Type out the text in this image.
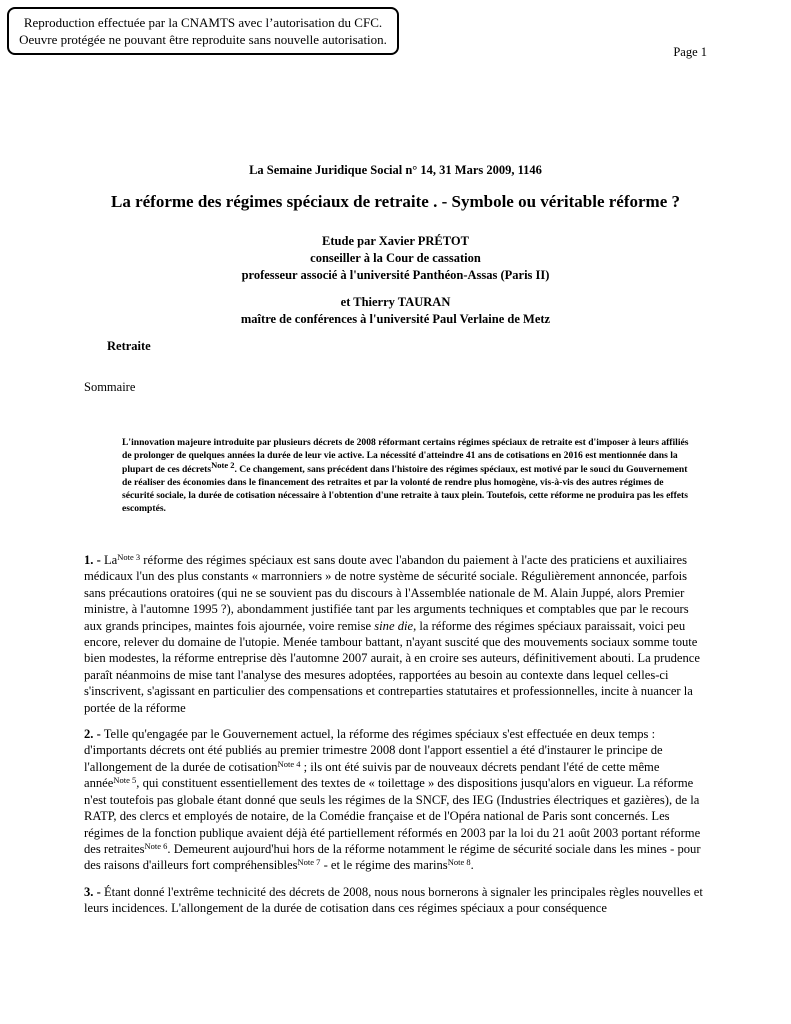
Reproduction effectuée par la CNAMTS avec l’autorisation du CFC.
Oeuvre protégée ne pouvant être reproduite sans nouvelle autorisation.
Page 1
La Semaine Juridique Social n° 14, 31 Mars 2009, 1146
La réforme des régimes spéciaux de retraite . - Symbole ou véritable réforme ?
Etude par Xavier PRÉTOT
conseiller à la Cour de cassation
professeur associé à l'université Panthéon-Assas (Paris II)
et Thierry TAURAN
maître de conférences à l'université Paul Verlaine de Metz
Retraite
Sommaire
L'innovation majeure introduite par plusieurs décrets de 2008 réformant certains régimes spéciaux de retraite est d'imposer à leurs affiliés de prolonger de quelques années la durée de leur vie active. La nécessité d'atteindre 41 ans de cotisations en 2016 est mentionnée dans la plupart de ces décrets$^{Note 2}$. Ce changement, sans précédent dans l'histoire des régimes spéciaux, est motivé par le souci du Gouvernement de réaliser des économies dans le financement des retraites et par la volonté de rendre plus homogène, vis-à-vis des autres régimes de sécurité sociale, la durée de cotisation nécessaire à l'obtention d'une retraite à taux plein. Toutefois, cette réforme ne produira pas les effets escomptés.

1. - $La^{Note 3}$ réforme des régimes spéciaux est sans doute avec l'abandon du paiement à l'acte des praticiens et auxiliaires médicaux l'un des plus constants « marronniers » de notre système de sécurité sociale. Régulièrement annoncée, parfois sans précautions oratoires (qui ne se souvient pas du discours à l'Assemblée nationale de M. Alain Juppé, alors Premier ministre, à l'automne 1995 ?), abondamment justifiée tant par les arguments techniques et comptables que par le recours aux grands principes, maintes fois ajournée, voire remise sine die, la réforme des régimes spéciaux paraissait, voici peu encore, relever du domaine de l'utopie. Menée tambour battant, n'ayant suscité que des mouvements sociaux somme toute bien modestes, la réforme entreprise dès l'automne 2007 aurait, à en croire ses auteurs, définitivement abouti. La prudence paraît néanmoins de mise tant l'analyse des mesures adoptées, rapportées au besoin au contexte dans lequel celles-ci s'inscrivent, s'agissant en particulier des compensations et contreparties statutaires et professionnelles, incite à nuancer la portée de la réforme

2. - Telle qu'engagée par le Gouvernement actuel, la réforme des régimes spéciaux s'est effectuée en deux temps : d'importants décrets ont été publiés au premier trimestre 2008 dont l'apport essentiel a été d'instaurer le principe de l'allongement de la durée de cotisation$^{Note 4}$ ; ils ont été suivis par de nouveaux décrets pendant l'été de cette même année$^{Note 5}$, qui constituent essentiellement des textes de « toilettage » des dispositions jusqu'alors en vigueur. La réforme n'est toutefois pas globale étant donné que seuls les régimes de la SNCF, des IEG (Industries électriques et gazières), de la RATP, des clercs et employés de notaire, de la Comédie française et de l'Opéra national de Paris sont concernés. Les régimes de la fonction publique avaient déjà été partiellement réformés en 2003 par la loi du 21 août 2003 portant réforme des retraites$^{Note 6}$. Demeurent aujourd'hui hors de la réforme notamment le régime de sécurité sociale dans les mines - pour des raisons d'ailleurs fort compréhensibles$^{Note 7}$ - et le régime des marins$^{Note 8}$.

3. - Étant donné l'extrême technicité des décrets de 2008, nous nous bornerons à signaler les principales règles nouvelles et leurs incidences. L'allongement de la durée de cotisation dans ces régimes spéciaux a pour conséquence
